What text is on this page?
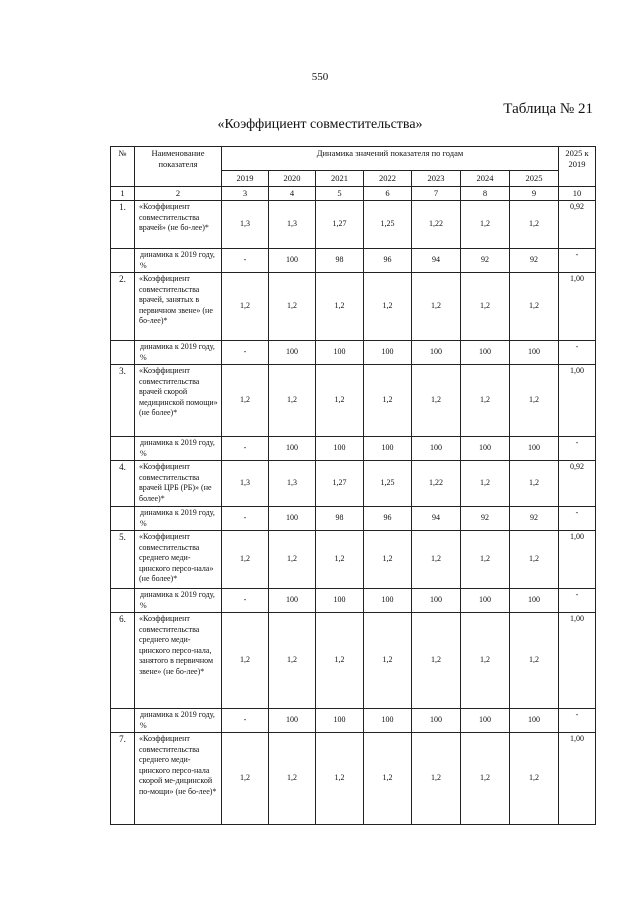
550
Таблица № 21
«Коэффициент совместительства»
№	Наименование показателя	Динамика значений показателя по годам							2025 к 2019
		2019	2020	2021	2022	2023	2024	2025	
1	2	3	4	5	6	7	8	9	10
1.	«Коэффициент совместительства врачей» (не бо-лее)*	1,3	1,3	1,27	1,25	1,22	1,2	1,2	0,92
	динамика к 2019 году, %	-	100	98	96	94	92	92	-
2.	«Коэффициент совместительства врачей, занятых в первичном звене» (не бо-лее)*	1,2	1,2	1,2	1,2	1,2	1,2	1,2	1,00
	динамика к 2019 году, %	-	100	100	100	100	100	100	-
3.	«Коэффициент совместительства врачей скорой медицинской помощи» (не более)*	1,2	1,2	1,2	1,2	1,2	1,2	1,2	1,00
	динамика к 2019 году, %	-	100	100	100	100	100	100	-
4.	«Коэффициент совместительства врачей ЦРБ (РБ)» (не более)*	1,3	1,3	1,27	1,25	1,22	1,2	1,2	0,92
	динамика к 2019 году, %	-	100	98	96	94	92	92	-
5.	«Коэффициент совместительства среднего меди-цинского персо-нала» (не более)*	1,2	1,2	1,2	1,2	1,2	1,2	1,2	1,00
	динамика к 2019 году, %	-	100	100	100	100	100	100	-
6.	«Коэффициент совместительства среднего меди-цинского персо-нала, занятого в первичном звене» (не бо-лее)*	1,2	1,2	1,2	1,2	1,2	1,2	1,2	1,00
	динамика к 2019 году, %	-	100	100	100	100	100	100	-
7.	«Коэффициент совместительства среднего меди-цинского персо-нала скорой ме-дицинской по-мощи» (не бо-лее)*	1,2	1,2	1,2	1,2	1,2	1,2	1,2	1,00
